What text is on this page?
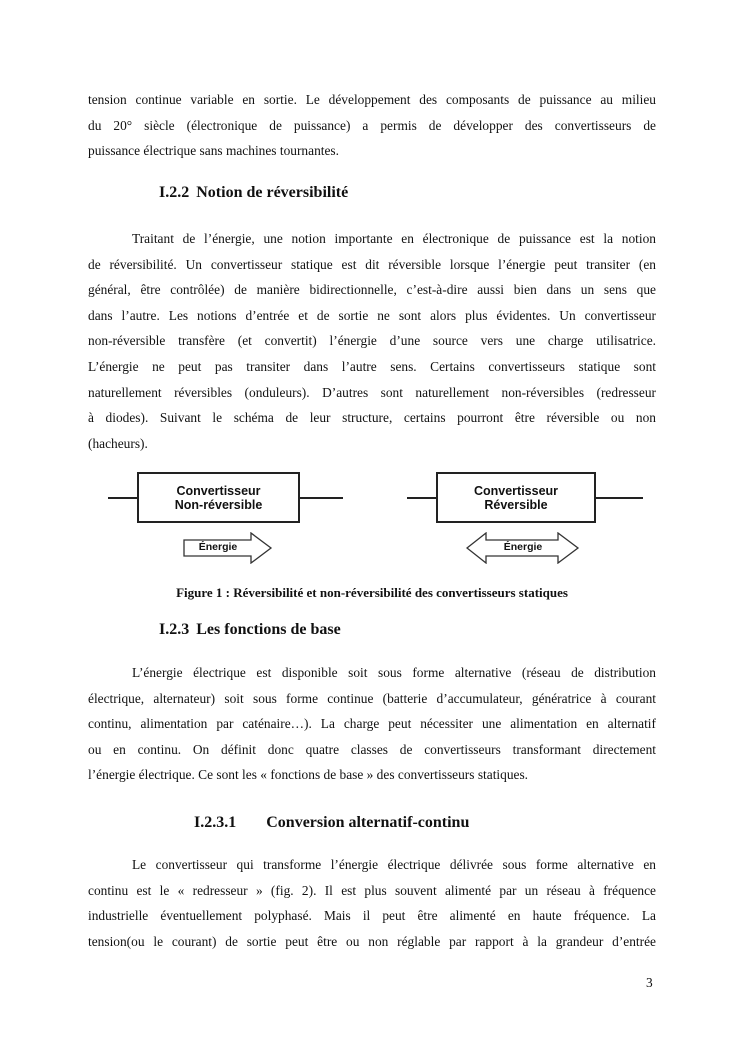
tension continue variable en sortie. Le développement des composants de puissance au milieu
du 20° siècle (électronique de puissance) a permis de développer des convertisseurs de
puissance électrique sans machines tournantes.
I.2.2 Notion de réversibilité
Traitant de l’énergie, une notion importante en électronique de puissance est la notion
de réversibilité. Un convertisseur statique est dit réversible lorsque l’énergie peut transiter (en
général, être contrôlée) de manière bidirectionnelle, c’est-à-dire aussi bien dans un sens que
dans l’autre. Les notions d’entrée et de sortie ne sont alors plus évidentes. Un convertisseur
non-réversible transfère (et convertit) l’énergie d’une source vers une charge utilisatrice.
L’énergie ne peut pas transiter dans l’autre sens. Certains convertisseurs statique sont
naturellement réversibles (onduleurs). D’autres sont naturellement non-réversibles (redresseur
à diodes). Suivant le schéma de leur structure, certains pourront être réversible ou non
(hacheurs).
Convertisseur
Non-réversible
Convertisseur
Réversible
Énergie	Énergie
Figure 1 : Réversibilité et non-réversibilité des convertisseurs statiques
I.2.3 Les fonctions de base
L’énergie électrique est disponible soit sous forme alternative (réseau de distribution
électrique, alternateur) soit sous forme continue (batterie d’accumulateur, génératrice à courant
continu, alimentation par caténaire…). La charge peut nécessiter une alimentation en alternatif
ou en continu. On définit donc quatre classes de convertisseurs transformant directement
l’énergie électrique. Ce sont les « fonctions de base » des convertisseurs statiques.
I.2.3.1 Conversion alternatif-continu
Le convertisseur qui transforme l’énergie électrique délivrée sous forme alternative en
continu est le « redresseur » (fig. 2). Il est plus souvent alimenté par un réseau à fréquence
industrielle éventuellement polyphasé. Mais il peut être alimenté en haute fréquence. La
tension(ou le courant) de sortie peut être ou non réglable par rapport à la grandeur d’entrée
3
